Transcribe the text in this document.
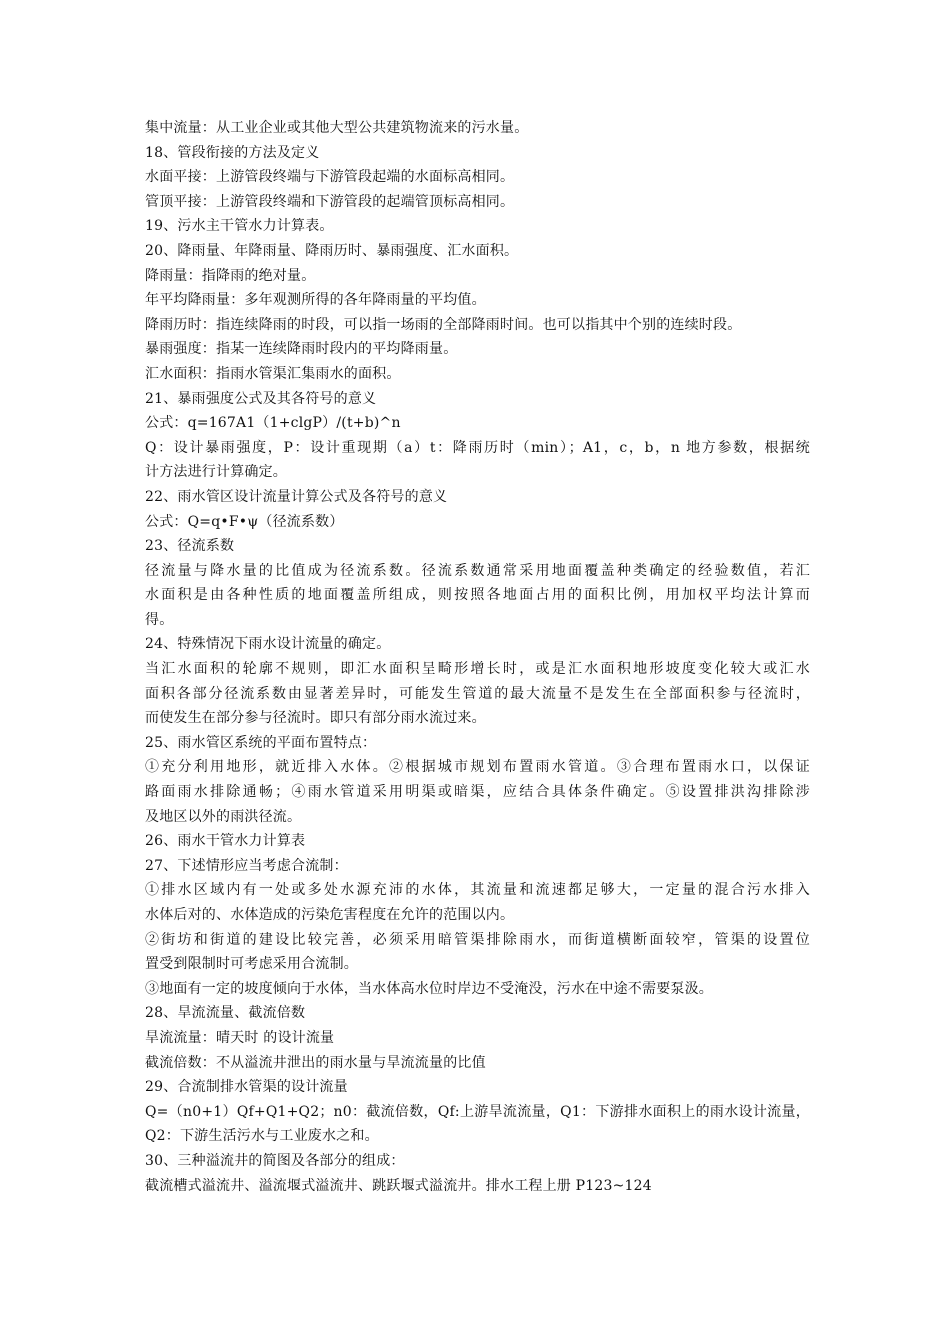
集中流量：从工业企业或其他大型公共建筑物流来的污水量。
18、管段衔接的方法及定义
水面平接：上游管段终端与下游管段起端的水面标高相同。
管顶平接：上游管段终端和下游管段的起端管顶标高相同。
19、污水主干管水力计算表。
20、降雨量、年降雨量、降雨历时、暴雨强度、汇水面积。
降雨量：指降雨的绝对量。
年平均降雨量：多年观测所得的各年降雨量的平均值。
降雨历时：指连续降雨的时段，可以指一场雨的全部降雨时间。也可以指其中个别的连续时段。
暴雨强度：指某一连续降雨时段内的平均降雨量。
汇水面积：指雨水管渠汇集雨水的面积。
21、暴雨强度公式及其各符号的意义
公式：q=167A1（1+clgP）/(t+b)^n
Q：设计暴雨强度，P：设计重现期（a）t：降雨历时（min）；A1，c，b，n 地方参数，根据统
计方法进行计算确定。
22、雨水管区设计流量计算公式及各符号的意义
公式：Q=q•F•ψ（径流系数）
23、径流系数
径流量与降水量的比值成为径流系数。径流系数通常采用地面覆盖种类确定的经验数值，若汇
水面积是由各种性质的地面覆盖所组成，则按照各地面占用的面积比例，用加权平均法计算而
得。
24、特殊情况下雨水设计流量的确定。
当汇水面积的轮廓不规则，即汇水面积呈畸形增长时，或是汇水面积地形坡度变化较大或汇水
面积各部分径流系数由显著差异时，可能发生管道的最大流量不是发生在全部面积参与径流时，
而使发生在部分参与径流时。即只有部分雨水流过来。
25、雨水管区系统的平面布置特点：
①充分利用地形，就近排入水体。②根据城市规划布置雨水管道。③合理布置雨水口，以保证
路面雨水排除通畅；④雨水管道采用明渠或暗渠，应结合具体条件确定。⑤设置排洪沟排除涉
及地区以外的雨洪径流。
26、雨水干管水力计算表
27、下述情形应当考虑合流制：
①排水区域内有一处或多处水源充沛的水体，其流量和流速都足够大，一定量的混合污水排入
水体后对的、水体造成的污染危害程度在允许的范围以内。
②街坊和街道的建设比较完善，必须采用暗管渠排除雨水，而街道横断面较窄，管渠的设置位
置受到限制时可考虑采用合流制。
③地面有一定的坡度倾向于水体，当水体高水位时岸边不受淹没，污水在中途不需要泵汲。
28、旱流流量、截流倍数
旱流流量：晴天时 的设计流量
截流倍数：不从溢流井泄出的雨水量与旱流流量的比值
29、合流制排水管渠的设计流量
Q=（n0+1）Qf+Q1+Q2；n0：截流倍数，Qf:上游旱流流量，Q1：下游排水面积上的雨水设计流量，
Q2：下游生活污水与工业废水之和。
30、三种溢流井的简图及各部分的组成：
截流槽式溢流井、溢流堰式溢流井、跳跃堰式溢流井。排水工程上册 P123~124
